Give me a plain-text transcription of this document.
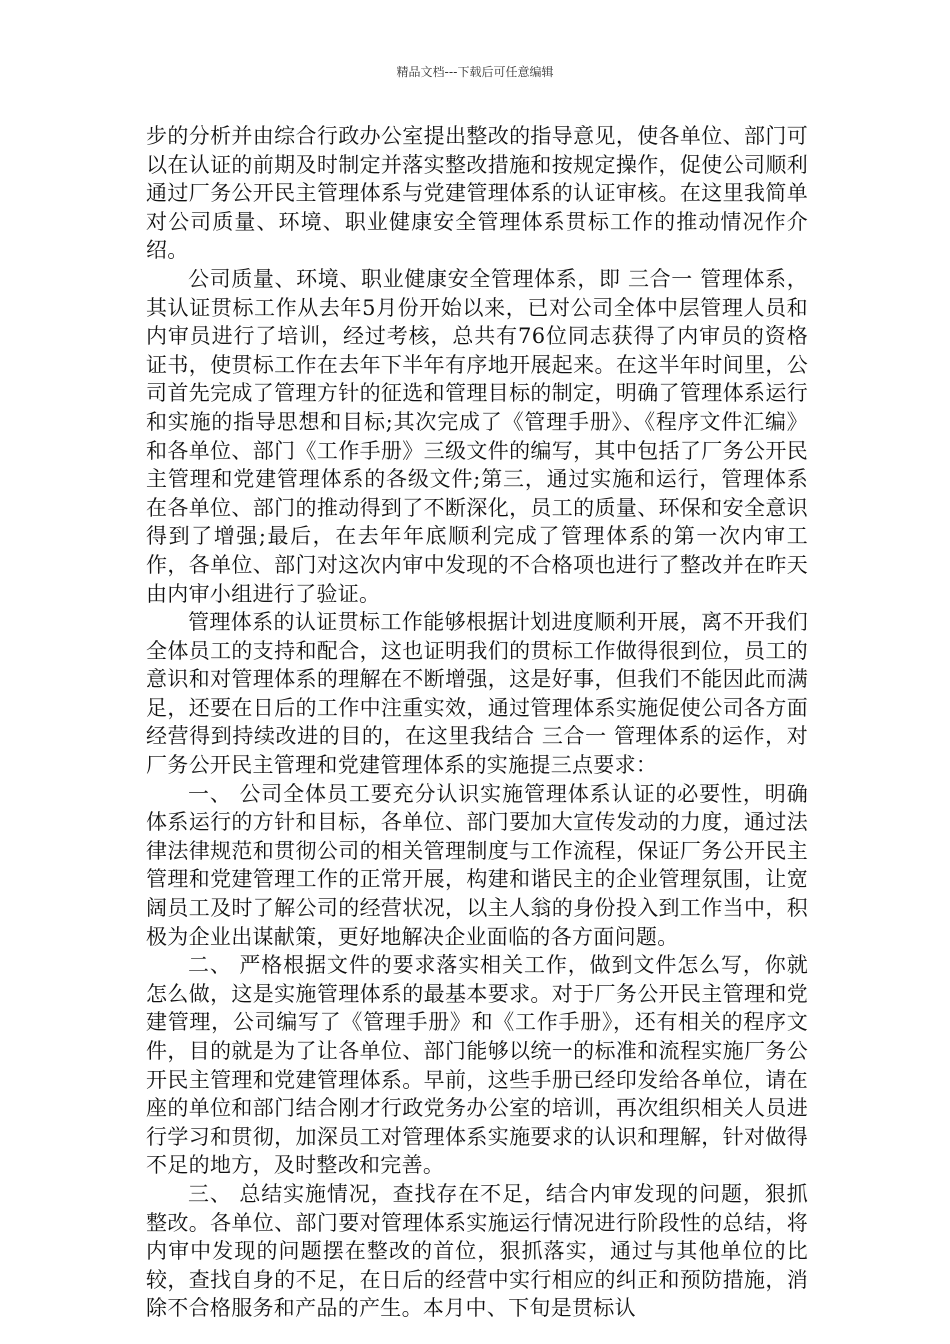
精品文档---下载后可任意编辑

步的分析并由综合行政办公室提出整改的指导意见，使各单位、部门可以在认证的前期及时制定并落实整改措施和按规定操作，促使公司顺利通过厂务公开民主管理体系与党建管理体系的认证审核。在这里我简单对公司质量、环境、职业健康安全管理体系贯标工作的推动情况作介绍。

公司质量、环境、职业健康安全管理体系，即 三合一 管理体系，其认证贯标工作从去年5月份开始以来，已对公司全体中层管理人员和内审员进行了培训，经过考核，总共有76位同志获得了内审员的资格证书，使贯标工作在去年下半年有序地开展起来。在这半年时间里，公司首先完成了管理方针的征选和管理目标的制定，明确了管理体系运行和实施的指导思想和目标;其次完成了《管理手册》、《程序文件汇编》和各单位、部门《工作手册》三级文件的编写，其中包括了厂务公开民主管理和党建管理体系的各级文件;第三，通过实施和运行，管理体系在各单位、部门的推动得到了不断深化，员工的质量、环保和安全意识得到了增强;最后，在去年年底顺利完成了管理体系的第一次内审工作，各单位、部门对这次内审中发现的不合格项也进行了整改并在昨天由内审小组进行了验证。

管理体系的认证贯标工作能够根据计划进度顺利开展，离不开我们全体员工的支持和配合，这也证明我们的贯标工作做得很到位，员工的意识和对管理体系的理解在不断增强，这是好事，但我们不能因此而满足，还要在日后的工作中注重实效，通过管理体系实施促使公司各方面经营得到持续改进的目的，在这里我结合 三合一 管理体系的运作，对厂务公开民主管理和党建管理体系的实施提三点要求：

一、 公司全体员工要充分认识实施管理体系认证的必要性，明确体系运行的方针和目标，各单位、部门要加大宣传发动的力度，通过法律法律规范和贯彻公司的相关管理制度与工作流程，保证厂务公开民主管理和党建管理工作的正常开展，构建和谐民主的企业管理氛围，让宽阔员工及时了解公司的经营状况，以主人翁的身份投入到工作当中，积极为企业出谋献策，更好地解决企业面临的各方面问题。

二、 严格根据文件的要求落实相关工作，做到文件怎么写，你就怎么做，这是实施管理体系的最基本要求。对于厂务公开民主管理和党建管理，公司编写了《管理手册》和《工作手册》，还有相关的程序文件，目的就是为了让各单位、部门能够以统一的标准和流程实施厂务公开民主管理和党建管理体系。早前，这些手册已经印发给各单位，请在座的单位和部门结合刚才行政党务办公室的培训，再次组织相关人员进行学习和贯彻，加深员工对管理体系实施要求的认识和理解，针对做得不足的地方，及时整改和完善。

三、 总结实施情况，查找存在不足，结合内审发现的问题，狠抓整改。各单位、部门要对管理体系实施运行情况进行阶段性的总结，将内审中发现的问题摆在整改的首位，狠抓落实，通过与其他单位的比较，查找自身的不足，在日后的经营中实行相应的纠正和预防措施，消除不合格服务和产品的产生。本月中、下旬是贯标认
